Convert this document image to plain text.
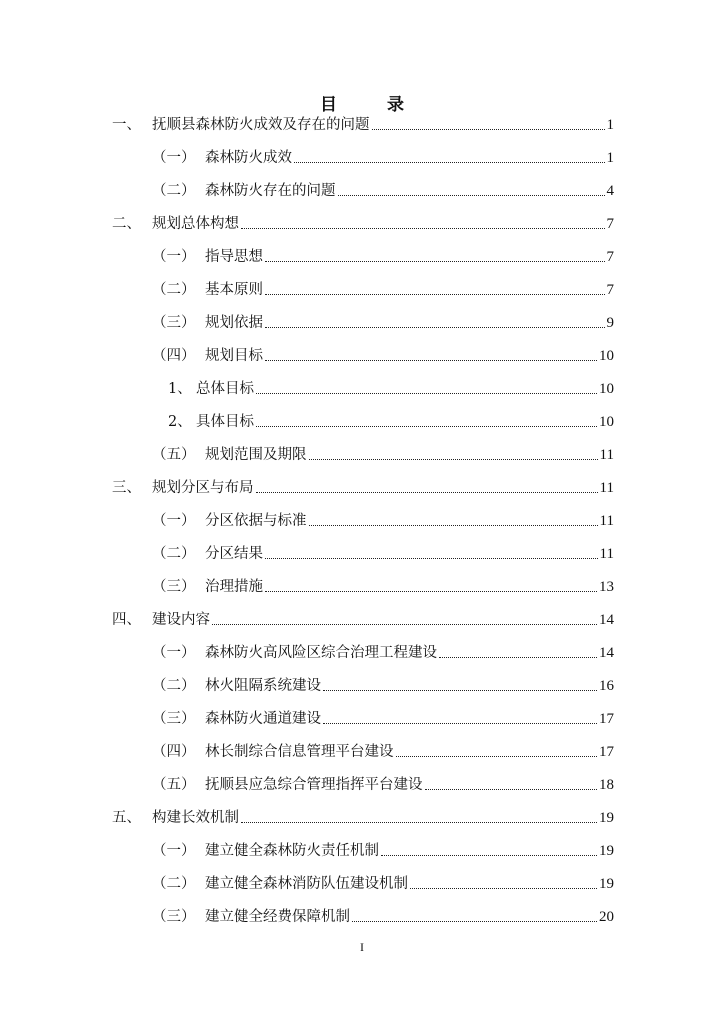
目 录
一、 抚顺县森林防火成效及存在的问题	1
（一） 森林防火成效	1
（二） 森林防火存在的问题	4
二、 规划总体构想	7
（一） 指导思想	7
（二） 基本原则	7
（三） 规划依据	9
（四） 规划目标	10
1、 总体目标	10
2、 具体目标	10
（五） 规划范围及期限	11
三、 规划分区与布局	11
（一） 分区依据与标准	11
（二） 分区结果	11
（三） 治理措施	13
四、 建设内容	14
（一） 森林防火高风险区综合治理工程建设	14
（二） 林火阻隔系统建设	16
（三） 森林防火通道建设	17
（四） 林长制综合信息管理平台建设	17
（五） 抚顺县应急综合管理指挥平台建设	18
五、 构建长效机制	19
（一） 建立健全森林防火责任机制	19
（二） 建立健全森林消防队伍建设机制	19
（三） 建立健全经费保障机制	20
I
